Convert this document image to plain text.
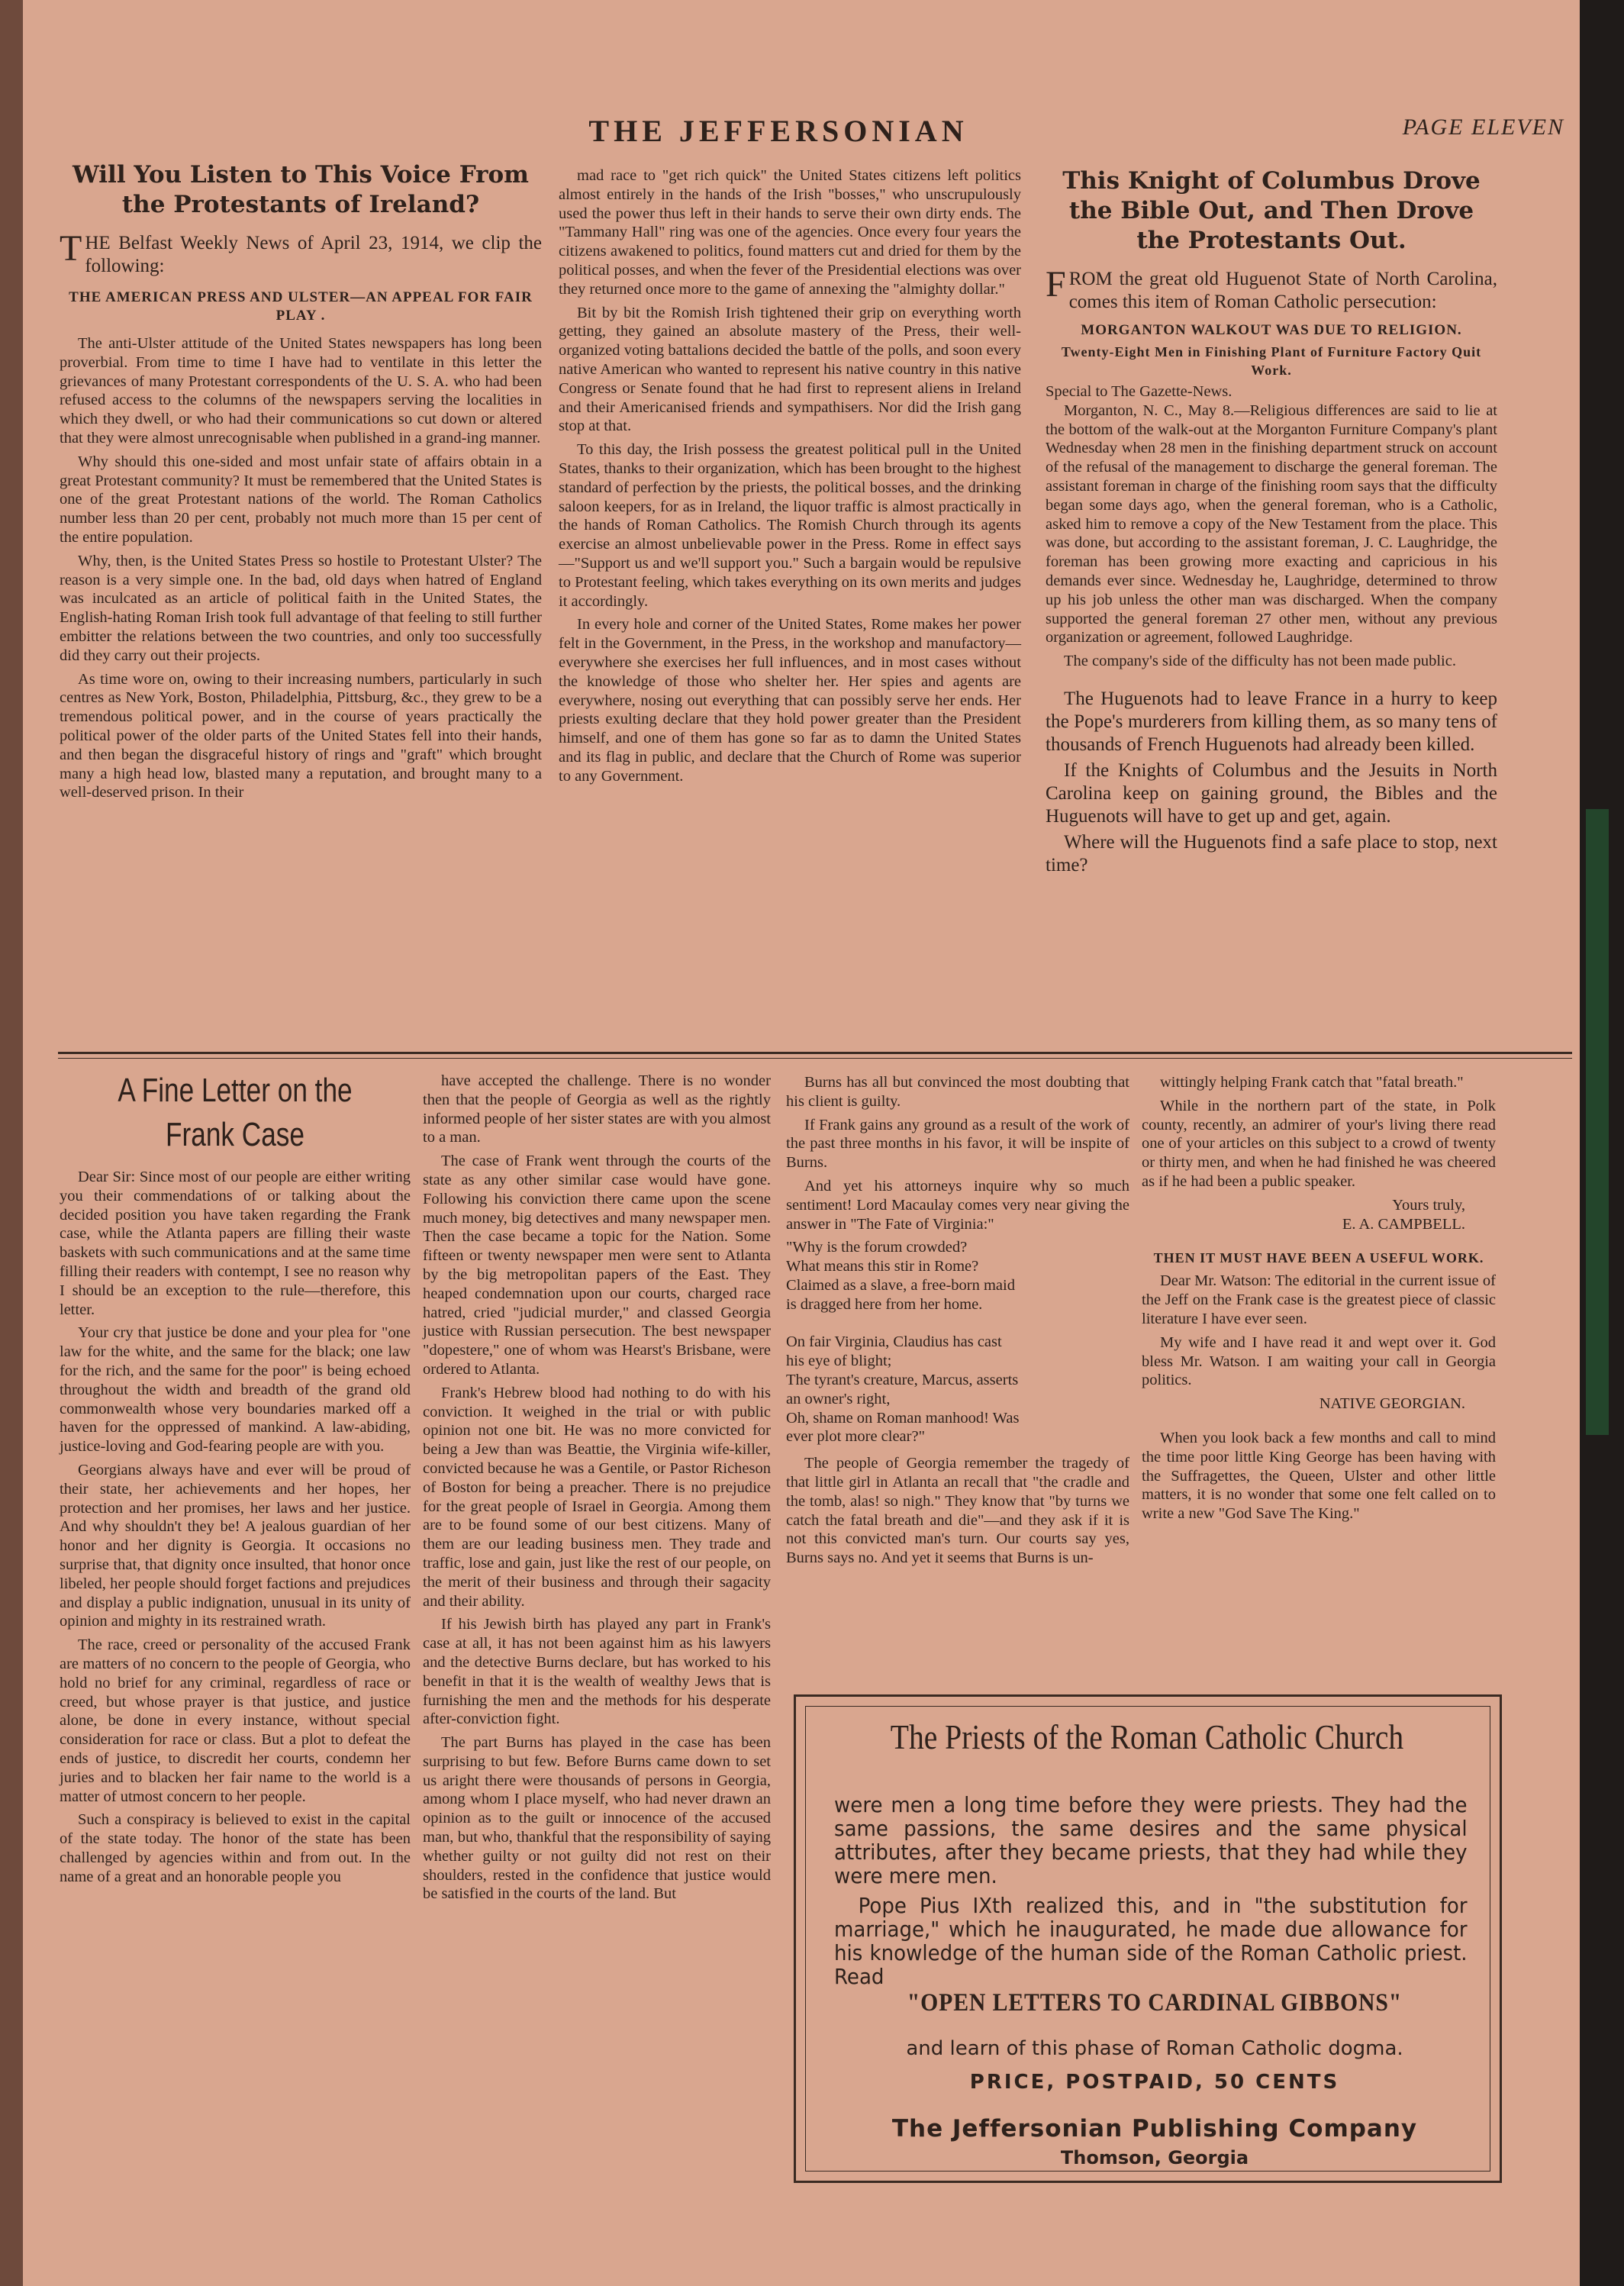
THE JEFFERSONIAN	PAGE ELEVEN
Will You Listen to This Voice From the Protestants of Ireland?
THE Belfast Weekly News of April 23, 1914, we clip the following:
THE AMERICAN PRESS AND ULSTER—AN APPEAL FOR FAIR PLAY .

The anti-Ulster attitude of the United States newspapers has long been proverbial. From time to time I have had to ventilate in this letter the grievances of many Protestant correspondents of the U. S. A. who had been refused access to the columns of the newspapers serving the localities in which they dwell, or who had their communications so cut down or altered that they were almost unrecognisable when published in a grand-ing manner.

Why should this one-sided and most unfair state of affairs obtain in a great Protestant community? It must be remembered that the United States is one of the great Protestant nations of the world. The Roman Catholics number less than 20 per cent, probably not much more than 15 per cent of the entire population.

Why, then, is the United States Press so hostile to Protestant Ulster? The reason is a very simple one. In the bad, old days when hatred of England was inculcated as an article of political faith in the United States, the English-hating Roman Irish took full advantage of that feeling to still further embitter the relations between the two countries, and only too successfully did they carry out their projects.

As time wore on, owing to their increasing numbers, particularly in such centres as New York, Boston, Philadelphia, Pittsburg, &c., they grew to be a tremendous political power, and in the course of years practically the political power of the older parts of the United States fell into their hands, and then began the disgraceful history of rings and "graft" which brought many a high head low, blasted many a reputation, and brought many to a well-deserved prison. In their

mad race to "get rich quick" the United States citizens left politics almost entirely in the hands of the Irish "bosses," who unscrupulously used the power thus left in their hands to serve their own dirty ends. The "Tammany Hall" ring was one of the agencies. Once every four years the citizens awakened to politics, found matters cut and dried for them by the political posses, and when the fever of the Presidential elections was over they returned once more to the game of annexing the "almighty dollar."

Bit by bit the Romish Irish tightened their grip on everything worth getting, they gained an absolute mastery of the Press, their well-organized voting battalions decided the battle of the polls, and soon every native American who wanted to represent his native country in this native Congress or Senate found that he had first to represent aliens in Ireland and their Americanised friends and sympathisers. Nor did the Irish gang stop at that.

To this day, the Irish possess the greatest political pull in the United States, thanks to their organization, which has been brought to the highest standard of perfection by the priests, the political bosses, and the drinking saloon keepers, for as in Ireland, the liquor traffic is almost practically in the hands of Roman Catholics. The Romish Church through its agents exercise an almost unbelievable power in the Press. Rome in effect says—"Support us and we'll support you." Such a bargain would be repulsive to Protestant feeling, which takes everything on its own merits and judges it accordingly.

In every hole and corner of the United States, Rome makes her power felt in the Government, in the Press, in the workshop and manufactory—everywhere she exercises her full influences, and in most cases without the knowledge of those who shelter her. Her spies and agents are everywhere, nosing out everything that can possibly serve her ends. Her priests exulting declare that they hold power greater than the President himself, and one of them has gone so far as to damn the United States and its flag in public, and declare that the Church of Rome was superior to any Government.

This Knight of Columbus Drove the Bible Out, and Then Drove the Protestants Out.
FROM the great old Huguenot State of North Carolina, comes this item of Roman Catholic persecution:
MORGANTON WALKOUT WAS DUE TO RELIGION.
Twenty-Eight Men in Finishing Plant of Furniture Factory Quit Work.

Special to The Gazette-News.

Morganton, N. C., May 8.—Religious differences are said to lie at the bottom of the walk-out at the Morganton Furniture Company's plant Wednesday when 28 men in the finishing department struck on account of the refusal of the management to discharge the general foreman. The assistant foreman in charge of the finishing room says that the difficulty began some days ago, when the general foreman, who is a Catholic, asked him to remove a copy of the New Testament from the place. This was done, but according to the assistant foreman, J. C. Laughridge, the foreman has been growing more exacting and capricious in his demands ever since. Wednesday he, Laughridge, determined to throw up his job unless the other man was discharged. When the company supported the general foreman 27 other men, without any previous organization or agreement, followed Laughridge.

The company's side of the difficulty has not been made public.

The Huguenots had to leave France in a hurry to keep the Pope's murderers from killing them, as so many tens of thousands of French Huguenots had already been killed.

If the Knights of Columbus and the Jesuits in North Carolina keep on gaining ground, the Bibles and the Huguenots will have to get up and get, again.

Where will the Huguenots find a safe place to stop, next time?

A Fine Letter on the Frank Case

Dear Sir: Since most of our people are either writing you their commendations of or talking about the decided position you have taken regarding the Frank case, while the Atlanta papers are filling their waste baskets with such communications and at the same time filling their readers with contempt, I see no reason why I should be an exception to the rule—therefore, this letter.

Your cry that justice be done and your plea for "one law for the white, and the same for the black; one law for the rich, and the same for the poor" is being echoed throughout the width and breadth of the grand old commonwealth whose very boundaries marked off a haven for the oppressed of mankind. A law-abiding, justice-loving and God-fearing people are with you.

Georgians always have and ever will be proud of their state, her achievements and her hopes, her protection and her promises, her laws and her justice. And why shouldn't they be! A jealous guardian of her honor and her dignity is Georgia. It occasions no surprise that, that dignity once insulted, that honor once libeled, her people should forget factions and prejudices and display a public indignation, unusual in its unity of opinion and mighty in its restrained wrath.

The race, creed or personality of the accused Frank are matters of no concern to the people of Georgia, who hold no brief for any criminal, regardless of race or creed, but whose prayer is that justice, and justice alone, be done in every instance, without special consideration for race or class. But a plot to defeat the ends of justice, to discredit her courts, condemn her juries and to blacken her fair name to the world is a matter of utmost concern to her people.

Such a conspiracy is believed to exist in the capital of the state today. The honor of the state has been challenged by agencies within and from out. In the name of a great and an honorable people you

have accepted the challenge. There is no wonder then that the people of Georgia as well as the rightly informed people of her sister states are with you almost to a man.

The case of Frank went through the courts of the state as any other similar case would have gone. Following his conviction there came upon the scene much money, big detectives and many newspaper men. Then the case became a topic for the Nation. Some fifteen or twenty newspaper men were sent to Atlanta by the big metropolitan papers of the East. They heaped condemnation upon our courts, charged race hatred, cried "judicial murder," and classed Georgia justice with Russian persecution. The best newspaper "dopestere," one of whom was Hearst's Brisbane, were ordered to Atlanta.

Frank's Hebrew blood had nothing to do with his conviction. It weighed in the trial or with public opinion not one bit. He was no more convicted for being a Jew than was Beattie, the Virginia wife-killer, convicted because he was a Gentile, or Pastor Richeson of Boston for being a preacher. There is no prejudice for the great people of Israel in Georgia. Among them are to be found some of our best citizens. Many of them are our leading business men. They trade and traffic, lose and gain, just like the rest of our people, on the merit of their business and through their sagacity and their ability.

If his Jewish birth has played any part in Frank's case at all, it has not been against him as his lawyers and the detective Burns declare, but has worked to his benefit in that it is the wealth of wealthy Jews that is furnishing the men and the methods for his desperate after-conviction fight.

The part Burns has played in the case has been surprising to but few. Before Burns came down to set us aright there were thousands of persons in Georgia, among whom I place myself, who had never drawn an opinion as to the guilt or innocence of the accused man, but who, thankful that the responsibility of saying whether guilty or not guilty did not rest on their shoulders, rested in the confidence that justice would be satisfied in the courts of the land. But

Burns has all but convinced the most doubting that his client is guilty.

If Frank gains any ground as a result of the work of the past three months in his favor, it will be inspite of Burns.

And yet his attorneys inquire why so much sentiment! Lord Macaulay comes very near giving the answer in "The Fate of Virginia:"

"Why is the forum crowded?
What means this stir in Rome?
Claimed as a slave, a free-born maid
is dragged here from her home.

On fair Virginia, Claudius has cast
his eye of blight;
The tyrant's creature, Marcus, asserts
an owner's right,
Oh, shame on Roman manhood! Was
ever plot more clear?"

The people of Georgia remember the tragedy of that little girl in Atlanta an recall that "the cradle and the tomb, alas! so nigh." They know that "by turns we catch the fatal breath and die"—and they ask if it is not this convicted man's turn. Our courts say yes, Burns says no. And yet it seems that Burns is un-

wittingly helping Frank catch that "fatal breath."

While in the northern part of the state, in Polk county, recently, an admirer of your's living there read one of your articles on this subject to a crowd of twenty or thirty men, and when he had finished he was cheered as if he had been a public speaker.

Yours truly,
E. A. CAMPBELL.
THEN IT MUST HAVE BEEN A USEFUL WORK.

Dear Mr. Watson: The editorial in the current issue of the Jeff on the Frank case is the greatest piece of classic literature I have ever seen.

My wife and I have read it and wept over it. God bless Mr. Watson. I am waiting your call in Georgia politics.

NATIVE GEORGIAN.

When you look back a few months and call to mind the time poor little King George has been having with the Suffragettes, the Queen, Ulster and other little matters, it is no wonder that some one felt called on to write a new "God Save The King."

The Priests of the Roman Catholic Church

were men a long time before they were priests. They had the same passions, the same desires and the same physical attributes, after they became priests, that they had while they were mere men.

Pope Pius IXth realized this, and in "the substitution for marriage," which he inaugurated, he made due allowance for his knowledge of the human side of the Roman Catholic priest. Read

"OPEN LETTERS TO CARDINAL GIBBONS"
and learn of this phase of Roman Catholic dogma.
PRICE, POSTPAID, 50 CENTS
The Jeffersonian Publishing Company
Thomson, Georgia
